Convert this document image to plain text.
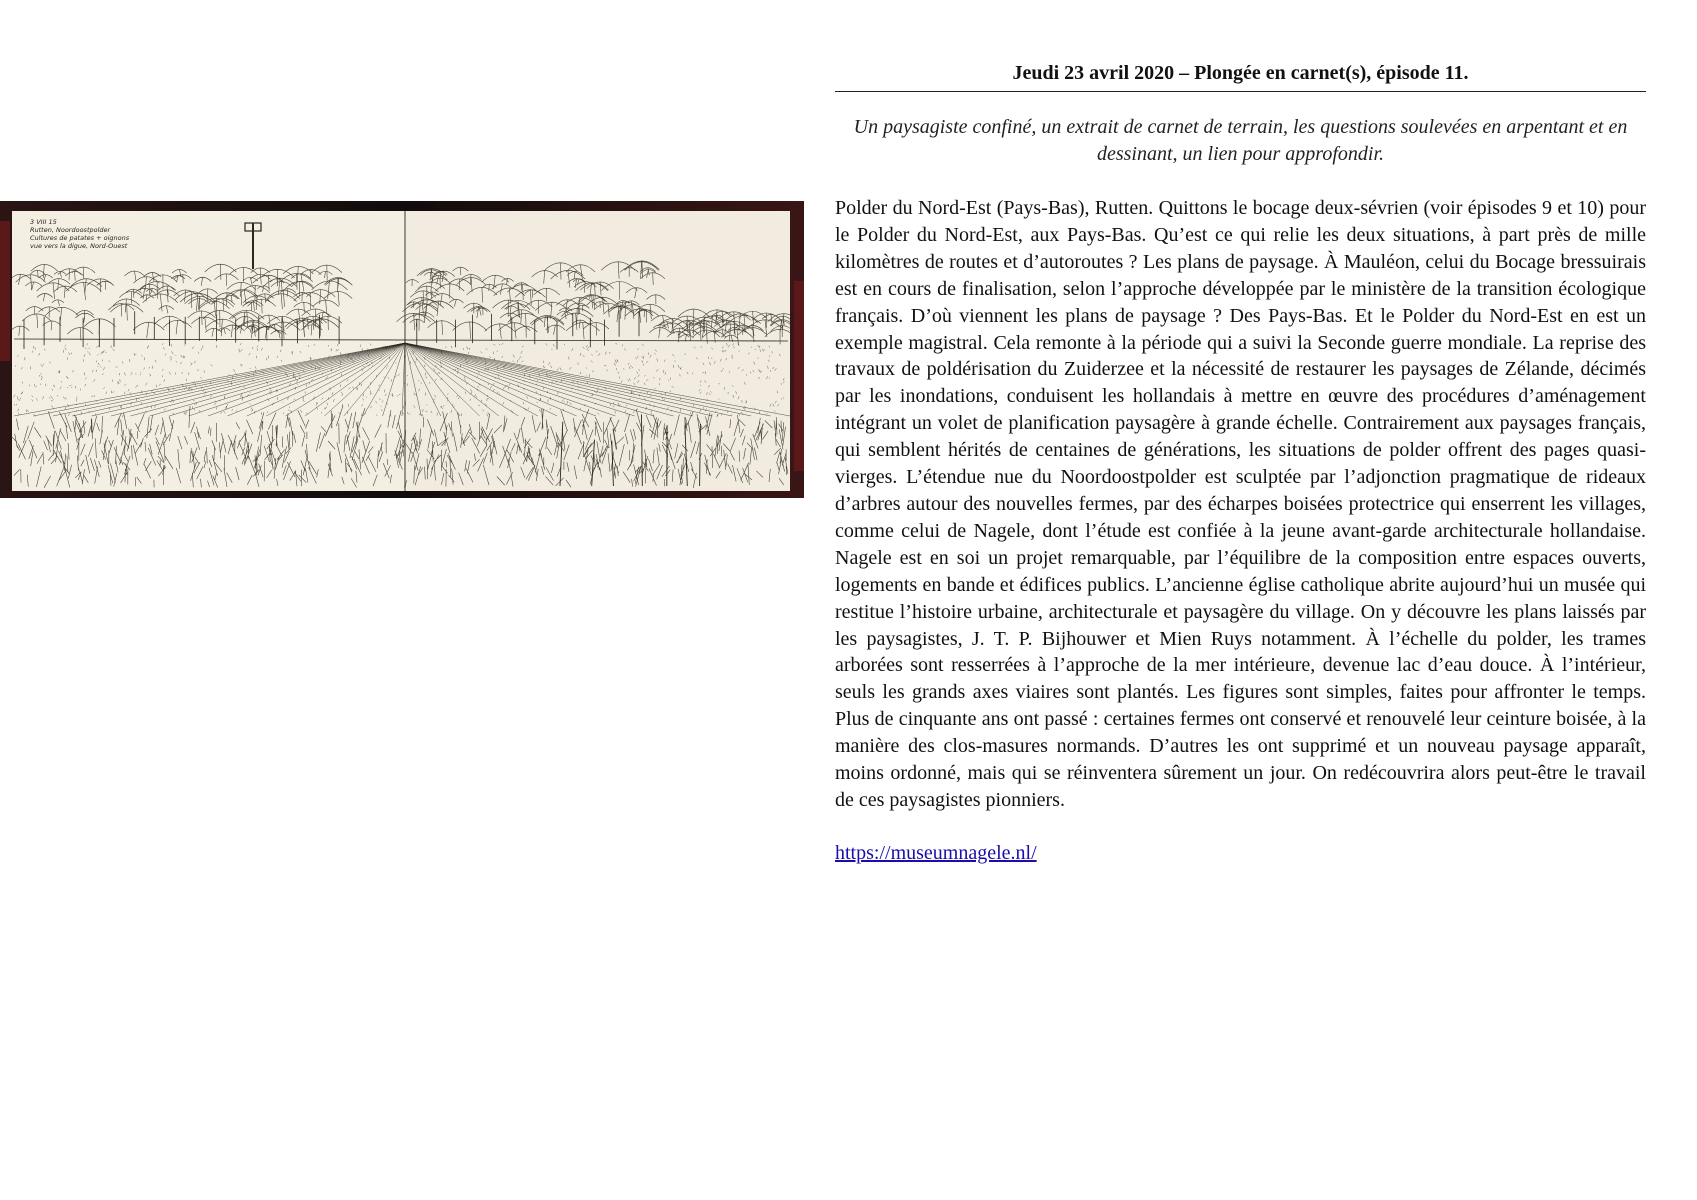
3 VIII 15
Rutten, Noordoostpolder
Cultures de patates + oignons
vue vers la digue, Nord-Ouest
Jeudi 23 avril 2020 – Plongée en carnet(s), épisode 11.

Un paysagiste confiné, un extrait de carnet de terrain, les questions soulevées en arpentant et en dessinant, un lien pour approfondir.

Polder du Nord-Est (Pays-Bas), Rutten. Quittons le bocage deux-sévrien (voir épisodes 9 et 10) pour le Polder du Nord-Est, aux Pays-Bas. Qu’est ce qui relie les deux situations, à part près de mille kilomètres de routes et d’autoroutes ? Les plans de paysage. À Mauléon, celui du Bocage bressuirais est en cours de finalisation, selon l’approche développée par le ministère de la transition écologique français. D’où viennent les plans de paysage ? Des Pays-Bas. Et le Polder du Nord-Est en est un exemple magistral. Cela remonte à la période qui a suivi la Seconde guerre mondiale. La reprise des travaux de poldérisation du Zuiderzee et la nécessité de restaurer les paysages de Zélande, décimés par les inondations, conduisent les hollandais à mettre en œuvre des procédures d’aménagement intégrant un volet de planification paysagère à grande échelle. Contrairement aux paysages français, qui semblent hérités de centaines de générations, les situations de polder offrent des pages quasi-vierges. L’étendue nue du Noordoostpolder est sculptée par l’adjonction pragmatique de rideaux d’arbres autour des nouvelles fermes, par des écharpes boisées protectrice qui enserrent les villages, comme celui de Nagele, dont l’étude est confiée à la jeune avant-garde architecturale hollandaise. Nagele est en soi un projet remarquable, par l’équilibre de la composition entre espaces ouverts, logements en bande et édifices publics. L’ancienne église catholique abrite aujourd’hui un musée qui restitue l’histoire urbaine, architecturale et paysagère du village. On y découvre les plans laissés par les paysagistes, J. T. P. Bijhouwer et Mien Ruys notamment. À l’échelle du polder, les trames arborées sont resserrées à l’approche de la mer intérieure, devenue lac d’eau douce. À l’intérieur, seuls les grands axes viaires sont plantés. Les figures sont simples, faites pour affronter le temps. Plus de cinquante ans ont passé : certaines fermes ont conservé et renouvelé leur ceinture boisée, à la manière des clos-masures normands. D’autres les ont supprimé et un nouveau paysage apparaît, moins ordonné, mais qui se réinventera sûrement un jour. On redécouvrira alors peut-être le travail de ces paysagistes pionniers.

https://museumnagele.nl/
